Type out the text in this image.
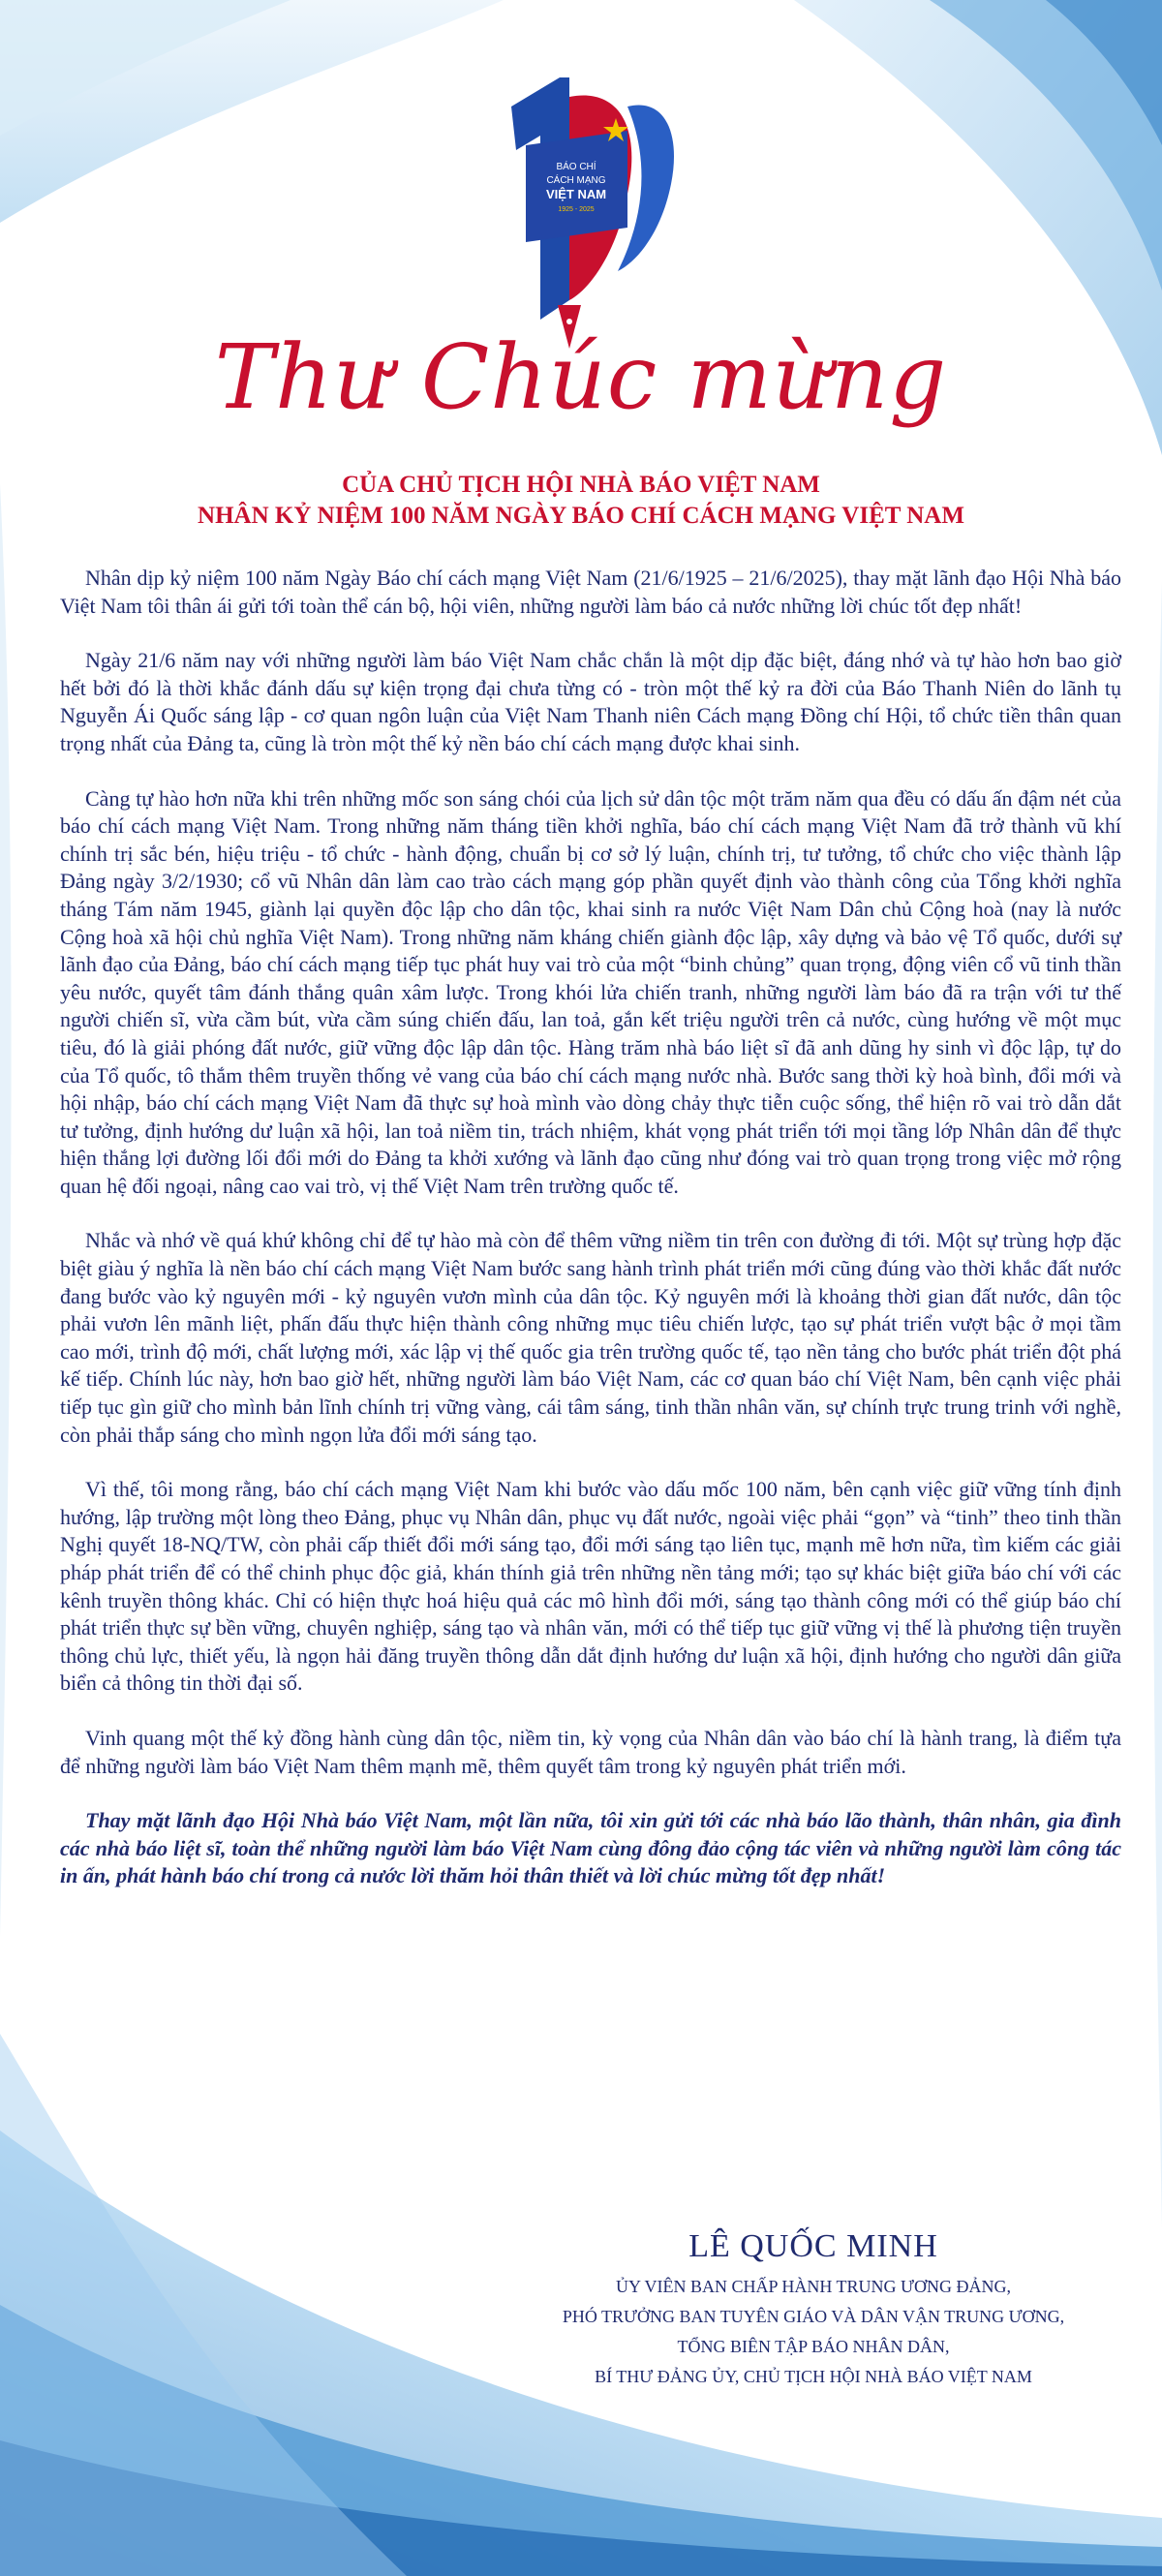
BÁO CHÍ
CÁCH MẠNG
VIỆT NAM
1925 - 2025
Thư Chúc mừng
CỦA CHỦ TỊCH HỘI NHÀ BÁO VIỆT NAM
NHÂN KỶ NIỆM 100 NĂM NGÀY BÁO CHÍ CÁCH MẠNG VIỆT NAM

Nhân dịp kỷ niệm 100 năm Ngày Báo chí cách mạng Việt Nam (21/6/1925 – 21/6/2025), thay mặt lãnh đạo Hội Nhà báo Việt Nam tôi thân ái gửi tới toàn thể cán bộ, hội viên, những người làm báo cả nước những lời chúc tốt đẹp nhất!

Ngày 21/6 năm nay với những người làm báo Việt Nam chắc chắn là một dịp đặc biệt, đáng nhớ và tự hào hơn bao giờ hết bởi đó là thời khắc đánh dấu sự kiện trọng đại chưa từng có - tròn một thế kỷ ra đời của Báo Thanh Niên do lãnh tụ Nguyễn Ái Quốc sáng lập - cơ quan ngôn luận của Việt Nam Thanh niên Cách mạng Đồng chí Hội, tổ chức tiền thân quan trọng nhất của Đảng ta, cũng là tròn một thế kỷ nền báo chí cách mạng được khai sinh.

Càng tự hào hơn nữa khi trên những mốc son sáng chói của lịch sử dân tộc một trăm năm qua đều có dấu ấn đậm nét của báo chí cách mạng Việt Nam. Trong những năm tháng tiền khởi nghĩa, báo chí cách mạng Việt Nam đã trở thành vũ khí chính trị sắc bén, hiệu triệu - tổ chức - hành động, chuẩn bị cơ sở lý luận, chính trị, tư tưởng, tổ chức cho việc thành lập Đảng ngày 3/2/1930; cổ vũ Nhân dân làm cao trào cách mạng góp phần quyết định vào thành công của Tổng khởi nghĩa tháng Tám năm 1945, giành lại quyền độc lập cho dân tộc, khai sinh ra nước Việt Nam Dân chủ Cộng hoà (nay là nước Cộng hoà xã hội chủ nghĩa Việt Nam). Trong những năm kháng chiến giành độc lập, xây dựng và bảo vệ Tổ quốc, dưới sự lãnh đạo của Đảng, báo chí cách mạng tiếp tục phát huy vai trò của một “binh chủng” quan trọng, động viên cổ vũ tinh thần yêu nước, quyết tâm đánh thắng quân xâm lược. Trong khói lửa chiến tranh, những người làm báo đã ra trận với tư thế người chiến sĩ, vừa cầm bút, vừa cầm súng chiến đấu, lan toả, gắn kết triệu người trên cả nước, cùng hướng về một mục tiêu, đó là giải phóng đất nước, giữ vững độc lập dân tộc. Hàng trăm nhà báo liệt sĩ đã anh dũng hy sinh vì độc lập, tự do của Tổ quốc, tô thắm thêm truyền thống vẻ vang của báo chí cách mạng nước nhà. Bước sang thời kỳ hoà bình, đổi mới và hội nhập, báo chí cách mạng Việt Nam đã thực sự hoà mình vào dòng chảy thực tiễn cuộc sống, thể hiện rõ vai trò dẫn dắt tư tưởng, định hướng dư luận xã hội, lan toả niềm tin, trách nhiệm, khát vọng phát triển tới mọi tầng lớp Nhân dân để thực hiện thắng lợi đường lối đổi mới do Đảng ta khởi xướng và lãnh đạo cũng như đóng vai trò quan trọng trong việc mở rộng quan hệ đối ngoại, nâng cao vai trò, vị thế Việt Nam trên trường quốc tế.

Nhắc và nhớ về quá khứ không chỉ để tự hào mà còn để thêm vững niềm tin trên con đường đi tới. Một sự trùng hợp đặc biệt giàu ý nghĩa là nền báo chí cách mạng Việt Nam bước sang hành trình phát triển mới cũng đúng vào thời khắc đất nước đang bước vào kỷ nguyên mới - kỷ nguyên vươn mình của dân tộc. Kỷ nguyên mới là khoảng thời gian đất nước, dân tộc phải vươn lên mãnh liệt, phấn đấu thực hiện thành công những mục tiêu chiến lược, tạo sự phát triển vượt bậc ở mọi tầm cao mới, trình độ mới, chất lượng mới, xác lập vị thế quốc gia trên trường quốc tế, tạo nền tảng cho bước phát triển đột phá kế tiếp. Chính lúc này, hơn bao giờ hết, những người làm báo Việt Nam, các cơ quan báo chí Việt Nam, bên cạnh việc phải tiếp tục gìn giữ cho mình bản lĩnh chính trị vững vàng, cái tâm sáng, tinh thần nhân văn, sự chính trực trung trinh với nghề, còn phải thắp sáng cho mình ngọn lửa đổi mới sáng tạo.

Vì thế, tôi mong rằng, báo chí cách mạng Việt Nam khi bước vào dấu mốc 100 năm, bên cạnh việc giữ vững tính định hướng, lập trường một lòng theo Đảng, phục vụ Nhân dân, phục vụ đất nước, ngoài việc phải “gọn” và “tinh” theo tinh thần Nghị quyết 18-NQ/TW, còn phải cấp thiết đổi mới sáng tạo, đổi mới sáng tạo liên tục, mạnh mẽ hơn nữa, tìm kiếm các giải pháp phát triển để có thể chinh phục độc giả, khán thính giả trên những nền tảng mới; tạo sự khác biệt giữa báo chí với các kênh truyền thông khác. Chỉ có hiện thực hoá hiệu quả các mô hình đổi mới, sáng tạo thành công mới có thể giúp báo chí phát triển thực sự bền vững, chuyên nghiệp, sáng tạo và nhân văn, mới có thể tiếp tục giữ vững vị thế là phương tiện truyền thông chủ lực, thiết yếu, là ngọn hải đăng truyền thông dẫn dắt định hướng dư luận xã hội, định hướng cho người dân giữa biển cả thông tin thời đại số.

Vinh quang một thế kỷ đồng hành cùng dân tộc, niềm tin, kỳ vọng của Nhân dân vào báo chí là hành trang, là điểm tựa để những người làm báo Việt Nam thêm mạnh mẽ, thêm quyết tâm trong kỷ nguyên phát triển mới.

Thay mặt lãnh đạo Hội Nhà báo Việt Nam, một lần nữa, tôi xin gửi tới các nhà báo lão thành, thân nhân, gia đình các nhà báo liệt sĩ, toàn thể những người làm báo Việt Nam cùng đông đảo cộng tác viên và những người làm công tác in ấn, phát hành báo chí trong cả nước lời thăm hỏi thân thiết và lời chúc mừng tốt đẹp nhất!

LÊ QUỐC MINH
ỦY VIÊN BAN CHẤP HÀNH TRUNG ƯƠNG ĐẢNG,
PHÓ TRƯỞNG BAN TUYÊN GIÁO VÀ DÂN VẬN TRUNG ƯƠNG,
TỔNG BIÊN TẬP BÁO NHÂN DÂN,
BÍ THƯ ĐẢNG ỦY, CHỦ TỊCH HỘI NHÀ BÁO VIỆT NAM
